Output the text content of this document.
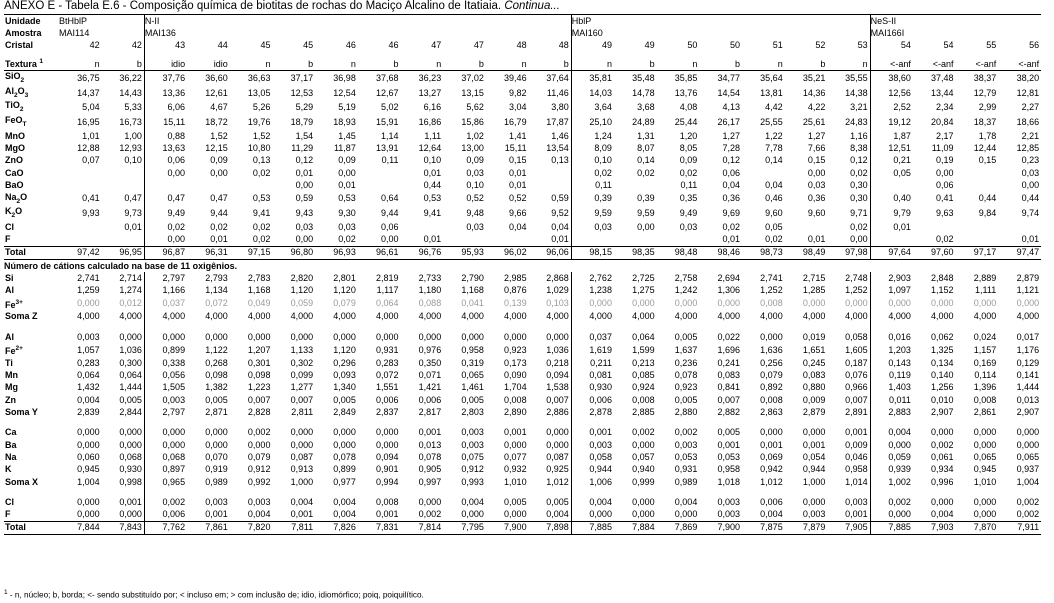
ANEXO E - Tabela E.6 - Composição química de biotitas de rochas do Maciço Alcalino de Itatiaia. Continua...
Unidade	BtHblP		N-II										HblP							NeS-II			
Amostra	MAI114		MAI136										MAI160							MAI166I			
Cristal	42	42	43	44	45	45	46	46	47	47	48	48	49	49	50	50	51	52	53	54	54	55	56
Textura $^1$	n	b	idio	idio	n	b	n	b	n	b	n	b	n	b	n	b	n	b	n	<-anf	<-anf	<-anf	<-anf
SiO$_2$	36,75	36,22	37,76	36,60	36,63	37,17	36,98	37,68	36,23	37,02	39,46	37,64	35,81	35,48	35,85	34,77	35,64	35,21	35,55	38,60	37,48	38,37	38,20
$Al_2O_3$	14,37	14,43	13,36	12,61	13,05	12,53	12,54	12,67	13,27	13,15	9,82	11,46	14,03	14,78	13,76	14,54	13,81	14,36	14,38	12,56	13,44	12,79	12,81
TiO$_2$	5,04	5,33	6,06	4,67	5,26	5,29	5,19	5,02	6,16	5,62	3,04	3,80	3,64	3,68	4,08	4,13	4,42	4,22	3,21	2,52	2,34	2,99	2,27
FeO$_T$	16,95	16,73	15,11	18,72	19,76	18,79	18,93	15,91	16,86	15,86	16,79	17,87	25,10	24,89	25,44	26,17	25,55	25,61	24,83	19,12	20,84	18,37	18,66
MnO	1,01	1,00	0,88	1,52	1,52	1,54	1,45	1,14	1,11	1,02	1,41	1,46	1,24	1,31	1,20	1,27	1,22	1,27	1,16	1,87	2,17	1,78	2,21
MgO	12,88	12,93	13,63	12,15	10,80	11,29	11,87	13,91	12,64	13,00	15,11	13,54	8,09	8,07	8,05	7,28	7,78	7,66	8,38	12,51	11,09	12,44	12,85
ZnO	0,07	0,10	0,06	0,09	0,13	0,12	0,09	0,11	0,10	0,09	0,15	0,13	0,10	0,14	0,09	0,12	0,14	0,15	0,12	0,21	0,19	0,15	0,23
CaO			0,00	0,00	0,02	0,01	0,00		0,01	0,03	0,01		0,02	0,02	0,02	0,06		0,00	0,02	0,05	0,00		0,03
BaO						0,00	0,01		0,44	0,10	0,01		0,11		0,11	0,04	0,04	0,03	0,30		0,06		0,00
$Na_2O$	0,41	0,47	0,47	0,47	0,53	0,59	0,53	0,64	0,53	0,52	0,52	0,59	0,39	0,39	0,35	0,36	0,46	0,36	0,30	0,40	0,41	0,44	0,44
$K_2O$	9,93	9,73	9,49	9,44	9,41	9,43	9,30	9,44	9,41	9,48	9,66	9,52	9,59	9,59	9,49	9,69	9,60	9,60	9,71	9,79	9,63	9,84	9,74
Cl		0,01	0,02	0,02	0,02	0,03	0,03	0,06		0,03	0,04	0,04	0,03	0,00	0,03	0,02	0,05		0,02	0,01			
F			0,00	0,01	0,02	0,00	0,02	0,00	0,01			0,01				0,01	0,02	0,01	0,00		0,02		0,01
Total	97,42	96,95	96,87	96,31	97,15	96,80	96,93	96,61	96,76	95,93	96,02	96,06	98,15	98,35	98,48	98,46	98,73	98,49	97,98	97,64	97,60	97,17	97,47
Número de cátions calculado na base de 11 oxigênios.																							
Si	2,741	2,714	2,797	2,793	2,783	2,820	2,801	2,819	2,733	2,790	2,985	2,868	2,762	2,725	2,758	2,694	2,741	2,715	2,748	2,903	2,848	2,889	2,879
Al	1,259	1,274	1,166	1,134	1,168	1,120	1,120	1,117	1,180	1,168	0,876	1,029	1,238	1,275	1,242	1,306	1,252	1,285	1,252	1,097	1,152	1,111	1,121
$Fe^{3+}$	0,000	0,012	0,037	0,072	0,049	0,059	0,079	0,064	0,088	0,041	0,139	0,103	0,000	0,000	0,000	0,000	0,008	0,000	0,000	0,000	0,000	0,000	0,000
Soma Z	4,000	4,000	4,000	4,000	4,000	4,000	4,000	4,000	4,000	4,000	4,000	4,000	4,000	4,000	4,000	4,000	4,000	4,000	4,000	4,000	4,000	4,000	4,000

Al	0,003	0,000	0,000	0,000	0,000	0,000	0,000	0,000	0,000	0,000	0,000	0,000	0,037	0,064	0,005	0,022	0,000	0,019	0,058	0,016	0,062	0,024	0,017
$Fe^{2+}$	1,057	1,036	0,899	1,122	1,207	1,133	1,120	0,931	0,976	0,958	0,923	1,036	1,619	1,599	1,637	1,696	1,636	1,651	1,605	1,203	1,325	1,157	1,176
Ti	0,283	0,300	0,338	0,268	0,301	0,302	0,296	0,283	0,350	0,319	0,173	0,218	0,211	0,213	0,236	0,241	0,256	0,245	0,187	0,143	0,134	0,169	0,129
Mn	0,064	0,064	0,056	0,098	0,098	0,099	0,093	0,072	0,071	0,065	0,090	0,094	0,081	0,085	0,078	0,083	0,079	0,083	0,076	0,119	0,140	0,114	0,141
Mg	1,432	1,444	1,505	1,382	1,223	1,277	1,340	1,551	1,421	1,461	1,704	1,538	0,930	0,924	0,923	0,841	0,892	0,880	0,966	1,403	1,256	1,396	1,444
Zn	0,004	0,005	0,003	0,005	0,007	0,007	0,005	0,006	0,006	0,005	0,008	0,007	0,006	0,008	0,005	0,007	0,008	0,009	0,007	0,011	0,010	0,008	0,013
Soma Y	2,839	2,844	2,797	2,871	2,828	2,811	2,849	2,837	2,817	2,803	2,890	2,886	2,878	2,885	2,880	2,882	2,863	2,879	2,891	2,883	2,907	2,861	2,907

Ca	0,000	0,000	0,000	0,000	0,002	0,000	0,000	0,000	0,001	0,003	0,001	0,000	0,001	0,002	0,002	0,005	0,000	0,000	0,001	0,004	0,000	0,000	0,000
Ba	0,000	0,000	0,000	0,000	0,000	0,000	0,000	0,000	0,013	0,003	0,000	0,000	0,003	0,000	0,003	0,001	0,001	0,001	0,009	0,000	0,002	0,000	0,000
Na	0,060	0,068	0,068	0,070	0,079	0,087	0,078	0,094	0,078	0,075	0,077	0,087	0,058	0,057	0,053	0,053	0,069	0,054	0,046	0,059	0,061	0,065	0,065
K	0,945	0,930	0,897	0,919	0,912	0,913	0,899	0,901	0,905	0,912	0,932	0,925	0,944	0,940	0,931	0,958	0,942	0,944	0,958	0,939	0,934	0,945	0,937
Soma X	1,004	0,998	0,965	0,989	0,992	1,000	0,977	0,994	0,997	0,993	1,010	1,012	1,006	0,999	0,989	1,018	1,012	1,000	1,014	1,002	0,996	1,010	1,004

Cl	0,000	0,001	0,002	0,003	0,003	0,004	0,004	0,008	0,000	0,004	0,005	0,005	0,004	0,000	0,004	0,003	0,006	0,000	0,003	0,002	0,000	0,000	0,002
F	0,000	0,000	0,006	0,001	0,004	0,001	0,004	0,001	0,002	0,000	0,000	0,004	0,000	0,000	0,000	0,003	0,004	0,003	0,001	0,000	0,004	0,000	0,002
Total	7,844	7,843	7,762	7,861	7,820	7,811	7,826	7,831	7,814	7,795	7,900	7,898	7,885	7,884	7,869	7,900	7,875	7,879	7,905	7,885	7,903	7,870	7,911
$^1$ - n, núcleo; b, borda; <- sendo substituído por; < incluso em; > com inclusão de; idio, idiomórfico; poiq, poiquilítico.
